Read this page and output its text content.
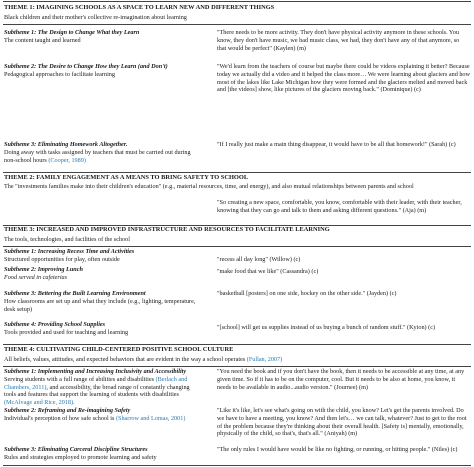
THEME 1: IMAGINING SCHOOLS AS A SPACE TO LEARN NEW AND DIFFERENT THINGS
Black children and their mother's collective re-imagination about learning
Subtheme 1: The Design to Change What they Learn
The content taught and learned
"There needs to be more activity. They don't have physical activity anymore in these schools. You know, they don't have music, we had music class, we had, they don't have any of that anymore, so that would be perfect" (Kaylen) (m)
Subtheme 2: The Desire to Change How they Learn (and Don't)
Pedagogical approaches to facilitate learning
"We'd learn from the teachers of course but maybe there could be videos explaining it better? Because today we actually did a video and it helped the class more… We were learning about glaciers and how most of the lakes like Lake Michigan how they were formed and the glaciers melted and moved back and [the videos] show, like pictures of the glaciers moving back." (Dominique) (c)
Subtheme 3: Eliminating Homework Altogether.
Doing away with tasks assigned by teachers that must be carried out during non-school hours (Cooper, 1989)
"If I really just make a main thing disappear, it would have to be all that homework!" (Sarah) (c)
THEME 2: FAMILY ENGAGEMENT AS A MEANS TO BRING SAFETY TO SCHOOL
The "investments families make into their children's education" (e.g., material resources, time, and energy), and also mutual relationships between parents and school
"So creating a new space, comfortable, you know, comfortable with their leader, with their teacher, knowing that they can go and talk to them and asking different questions." (Aja) (m)
THEME 3: INCREASED AND IMPROVED INFRASTRUCTURE AND RESOURCES TO FACILITATE LEARNING
The tools, technologies, and facilities of the school
Subtheme 1: Increasing Recess Time and Activities
Structured opportunities for play, often outside	"recess all day long" (Willow) (c)
Subtheme 2: Improving Lunch
Food served in cafeterias
"make food that we like" (Cassandra) (c)
Subtheme 3: Bettering the Built Learning Environment
How classrooms are set up and what they include (e.g., lighting, temperature, desk setup)
"basketball [posters] on one side, hockey on the other side." (Jayden) (c)
Subtheme 4: Providing School Supplies
Tools provided and used for teaching and learning
"[school] will get us supplies instead of us buying a bunch of random stuff." (Kyion) (c)
THEME 4: CULTIVATING CHILD-CENTERED POSITIVE SCHOOL CULTURE
All beliefs, values, attitudes, and expected behaviors that are evident in the way a school operates (Fullan, 2007)
Subtheme 1: Implementing and Increasing Inclusivity and Accessibility
Serving students with a full range of abilities and disabilities (Berlach and Chambers, 2011), and accessibility, the broad range of constantly changing tools and features that support the learning of students with disabilities (McAlvage and Rice, 2018).
"You need the book and if you don't have the book, then it needs to be accessible at any time, at any given time. So if it has to be on the computer, cool. But it needs to be also at home, you know, it needs to be available in audio...audio version." (Journee) (m)
Subtheme 2: Reframing and Re-imagining Safety
Individual's perception of how safe school is (Sharrow and Lomas, 2001)
"Like it's like, let's see what's going on with the child, you know? Let's get the parents involved. Do we have to have a meeting, you know? And then let's… we can talk, whatever? Just to get to the root of the problem because they're thinking about their overall health. [Safety is] mentally, emotionally, physically of the child, so that's, that's all." (Aniyah) (m)
Subtheme 3: Eliminating Carceral Discipline Structures
Rules and strategies employed to promote learning and safety
"The only rules I would have would be like no fighting, or running, or hitting people." (Niles) (c)
